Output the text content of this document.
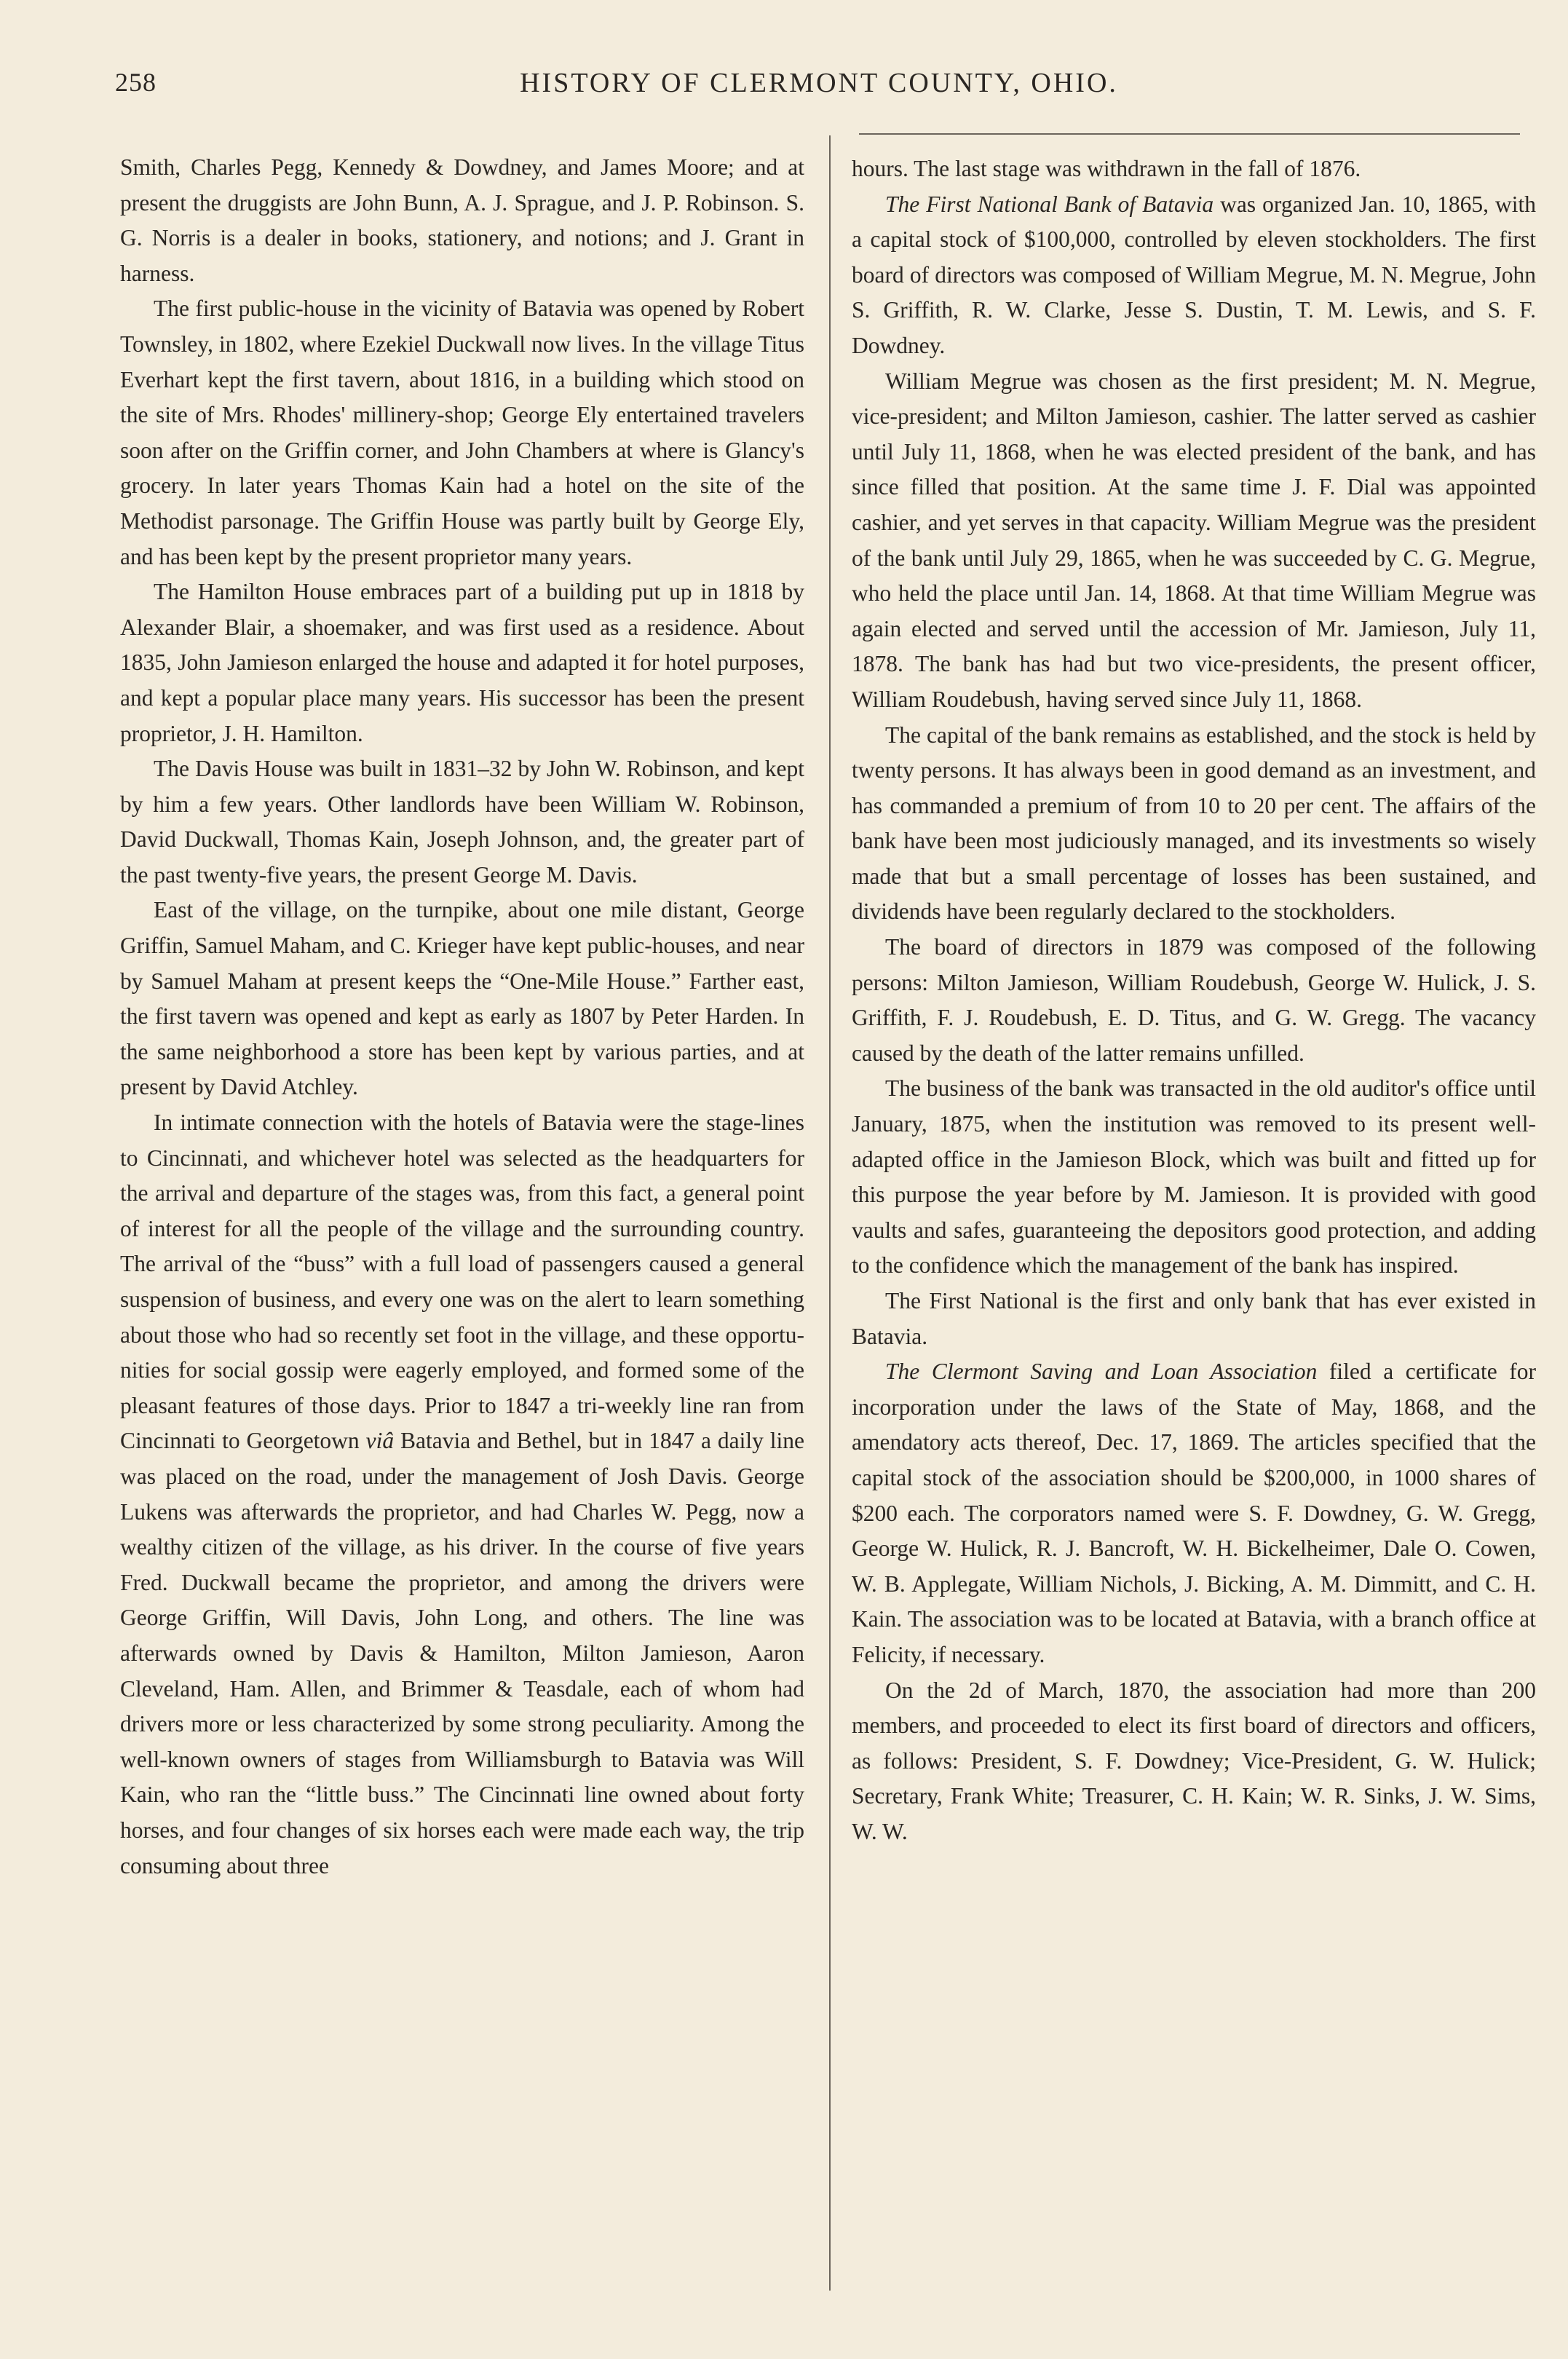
258	HISTORY OF CLERMONT COUNTY, OHIO.

Smith, Charles Pegg, Kennedy & Dowdney, and James Moore; and at present the druggists are John Bunn, A. J. Sprague, and J. P. Robinson. S. G. Norris is a dealer in books, stationery, and notions; and J. Grant in harness.

The first public-house in the vicinity of Batavia was opened by Robert Townsley, in 1802, where Ezekiel Duckwall now lives. In the village Titus Everhart kept the first tavern, about 1816, in a building which stood on the site of Mrs. Rhodes' millinery-shop; George Ely entertained travelers soon after on the Griffin corner, and John Chambers at where is Glancy's grocery. In later years Thomas Kain had a hotel on the site of the Methodist parsonage. The Griffin House was partly built by George Ely, and has been kept by the present proprietor many years.

The Hamilton House embraces part of a building put up in 1818 by Alexander Blair, a shoemaker, and was first used as a residence. About 1835, John Jamieson enlarged the house and adapted it for hotel purposes, and kept a popular place many years. His successor has been the present proprietor, J. H. Hamilton.

The Davis House was built in 1831–32 by John W. Robinson, and kept by him a few years. Other landlords have been William W. Robinson, David Duckwall, Thomas Kain, Joseph Johnson, and, the greater part of the past twenty-five years, the present George M. Davis.

East of the village, on the turnpike, about one mile distant, George Griffin, Samuel Maham, and C. Krieger have kept public-houses, and near by Samuel Maham at present keeps the “One-Mile House.” Farther east, the first tavern was opened and kept as early as 1807 by Peter Harden. In the same neighborhood a store has been kept by various parties, and at present by David Atchley.

In intimate connection with the hotels of Batavia were the stage-lines to Cincinnati, and whichever hotel was selected as the headquarters for the arrival and departure of the stages was, from this fact, a general point of interest for all the people of the village and the surrounding country. The arrival of the “buss” with a full load of passengers caused a general suspension of business, and every one was on the alert to learn something about those who had so recently set foot in the village, and these opportunities for social gossip were eagerly employed, and formed some of the pleasant features of those days. Prior to 1847 a tri-weekly line ran from Cincinnati to Georgetown viâ Batavia and Bethel, but in 1847 a daily line was placed on the road, under the management of Josh Davis. George Lukens was afterwards the proprietor, and had Charles W. Pegg, now a wealthy citizen of the village, as his driver. In the course of five years Fred. Duckwall became the proprietor, and among the drivers were George Griffin, Will Davis, John Long, and others. The line was afterwards owned by Davis & Hamilton, Milton Jamieson, Aaron Cleveland, Ham. Allen, and Brimmer & Teasdale, each of whom had drivers more or less characterized by some strong peculiarity. Among the well-known owners of stages from Williamsburgh to Batavia was Will Kain, who ran the “little buss.” The Cincinnati line owned about forty horses, and four changes of six horses each were made each way, the trip consuming about three

hours. The last stage was withdrawn in the fall of 1876.

The First National Bank of Batavia was organized Jan. 10, 1865, with a capital stock of $100,000, controlled by eleven stockholders. The first board of directors was composed of William Megrue, M. N. Megrue, John S. Griffith, R. W. Clarke, Jesse S. Dustin, T. M. Lewis, and S. F. Dowdney.

William Megrue was chosen as the first president; M. N. Megrue, vice-president; and Milton Jamieson, cashier. The latter served as cashier until July 11, 1868, when he was elected president of the bank, and has since filled that position. At the same time J. F. Dial was appointed cashier, and yet serves in that capacity. William Megrue was the president of the bank until July 29, 1865, when he was succeeded by C. G. Megrue, who held the place until Jan. 14, 1868. At that time William Megrue was again elected and served until the accession of Mr. Jamieson, July 11, 1878. The bank has had but two vice-presidents, the present officer, William Roudebush, having served since July 11, 1868.

The capital of the bank remains as established, and the stock is held by twenty persons. It has always been in good demand as an investment, and has commanded a premium of from 10 to 20 per cent. The affairs of the bank have been most judiciously managed, and its investments so wisely made that but a small percentage of losses has been sustained, and dividends have been regularly declared to the stockholders.

The board of directors in 1879 was composed of the following persons: Milton Jamieson, William Roudebush, George W. Hulick, J. S. Griffith, F. J. Roudebush, E. D. Titus, and G. W. Gregg. The vacancy caused by the death of the latter remains unfilled.

The business of the bank was transacted in the old auditor's office until January, 1875, when the institution was removed to its present well-adapted office in the Jamieson Block, which was built and fitted up for this purpose the year before by M. Jamieson. It is provided with good vaults and safes, guaranteeing the depositors good protection, and adding to the confidence which the management of the bank has inspired.

The First National is the first and only bank that has ever existed in Batavia.

The Clermont Saving and Loan Association filed a certificate for incorporation under the laws of the State of May, 1868, and the amendatory acts thereof, Dec. 17, 1869. The articles specified that the capital stock of the association should be $200,000, in 1000 shares of $200 each. The corporators named were S. F. Dowdney, G. W. Gregg, George W. Hulick, R. J. Bancroft, W. H. Bickelheimer, Dale O. Cowen, W. B. Applegate, William Nichols, J. Bicking, A. M. Dimmitt, and C. H. Kain. The association was to be located at Batavia, with a branch office at Felicity, if necessary.

On the 2d of March, 1870, the association had more than 200 members, and proceeded to elect its first board of directors and officers, as follows: President, S. F. Dowdney; Vice-President, G. W. Hulick; Secretary, Frank White; Treasurer, C. H. Kain; W. R. Sinks, J. W. Sims, W. W.
